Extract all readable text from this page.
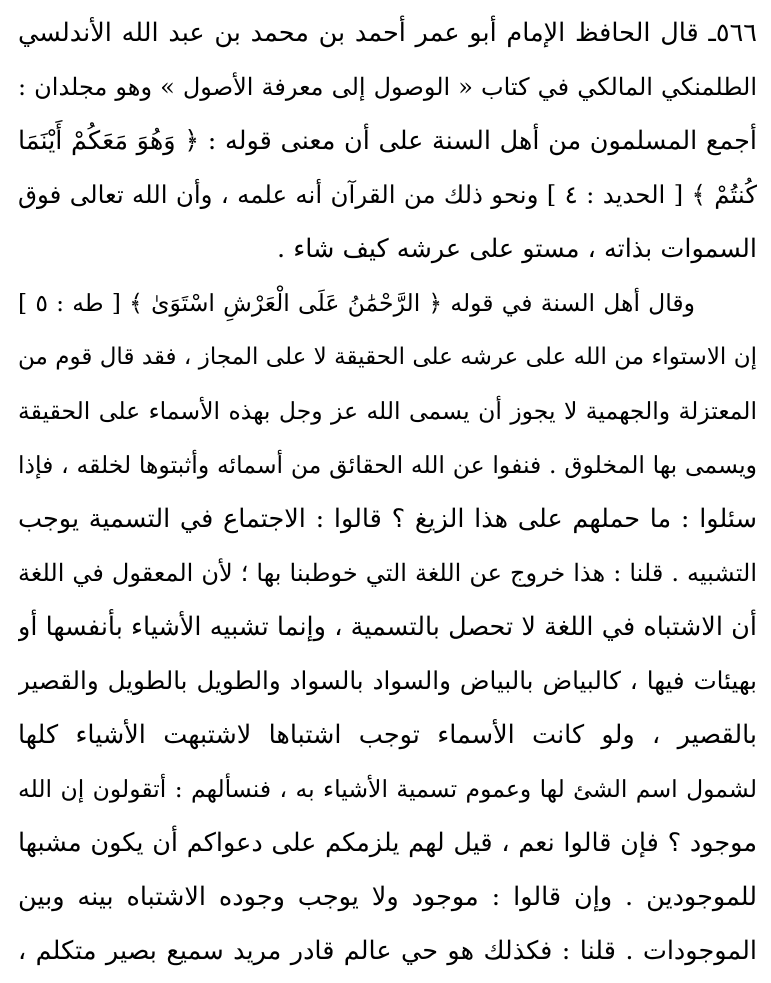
٥٦٦ـ قال الحافظ الإمام أبو عمر أحمد بن محمد بن عبد الله الأندلسي
الطلمنكي المالكي في كتاب « الوصول إلى معرفة الأصول » وهو مجلدان :
أجمع المسلمون من أهل السنة على أن معنى قوله : ﴿ وَهُوَ مَعَكُمْ أَيْنَمَا
كُنتُمْ ﴾ [ الحديد : ٤ ] ونحو ذلك من القرآن أنه علمه ، وأن الله تعالى فوق
السموات بذاته ، مستو على عرشه كيف شاء .
وقال أهل السنة في قوله ﴿ الرَّحْمَٰنُ عَلَى الْعَرْشِ اسْتَوَىٰ ﴾ [ طه : ٥ ]
إن الاستواء من الله على عرشه على الحقيقة لا على المجاز ، فقد قال قوم من
المعتزلة والجهمية لا يجوز أن يسمى الله عز وجل بهذه الأسماء على الحقيقة
ويسمى بها المخلوق . فنفوا عن الله الحقائق من أسمائه وأثبتوها لخلقه ، فإذا
سئلوا : ما حملهم على هذا الزيغ ؟ قالوا : الاجتماع في التسمية يوجب
التشبيه . قلنا : هذا خروج عن اللغة التي خوطبنا بها ؛ لأن المعقول في اللغة
أن الاشتباه في اللغة لا تحصل بالتسمية ، وإنما تشبيه الأشياء بأنفسها أو
بهيئات فيها ، كالبياض بالبياض والسواد بالسواد والطويل بالطويل والقصير
بالقصير ، ولو كانت الأسماء توجب اشتباها لاشتبهت الأشياء كلها
لشمول اسم الشئ لها وعموم تسمية الأشياء به ، فنسألهم : أتقولون إن الله
موجود ؟ فإن قالوا نعم ، قيل لهم يلزمكم على دعواكم أن يكون مشبها
للموجودين . وإن قالوا : موجود ولا يوجب وجوده الاشتباه بينه وبين
الموجودات . قلنا : فكذلك هو حي عالم قادر مريد سميع بصير متكلم ،
